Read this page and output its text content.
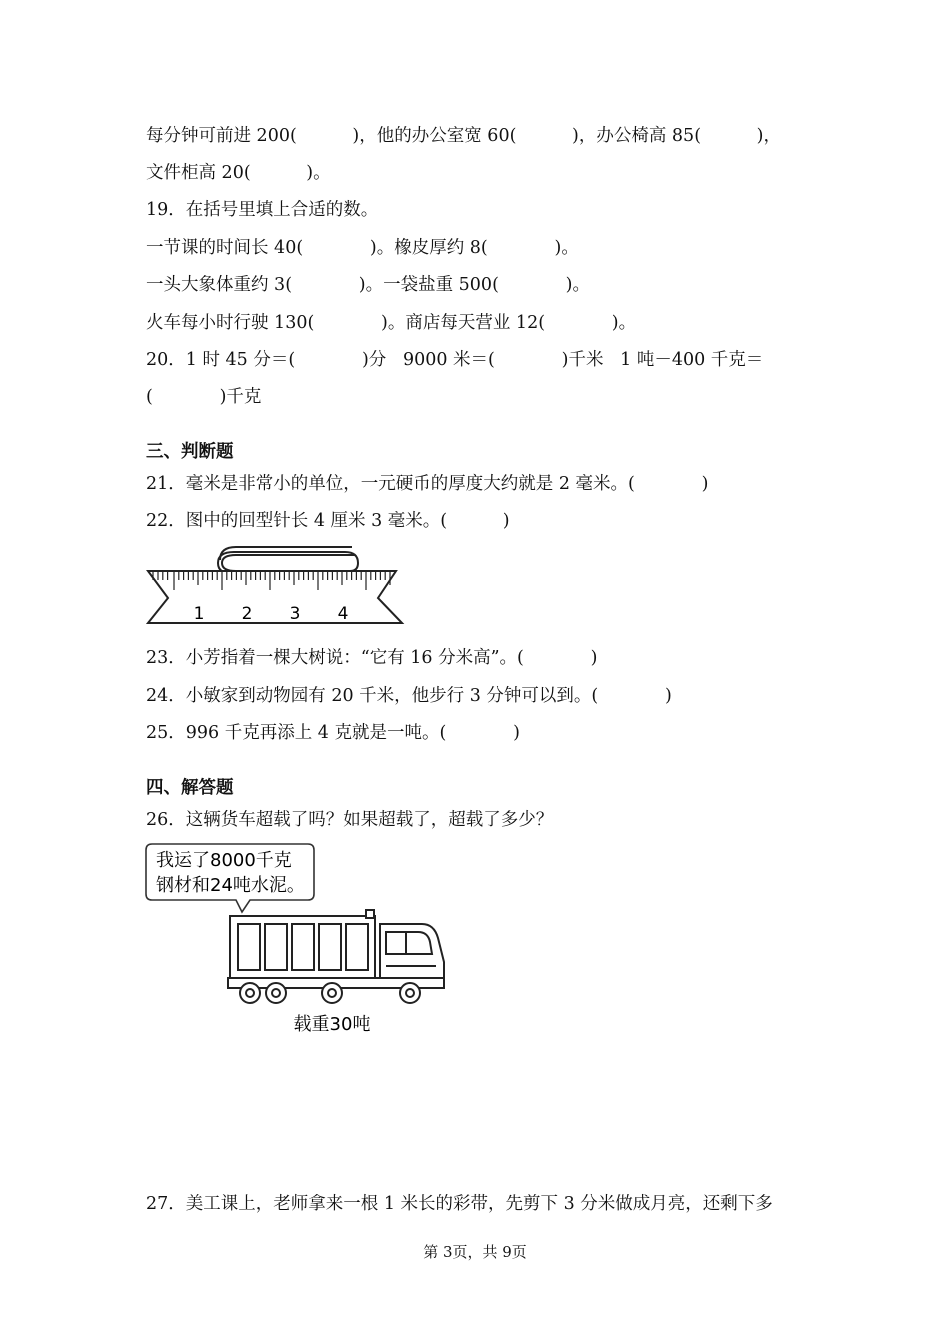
每分钟可前进 200(          )，他的办公室宽 60(          )，办公椅高 85(          )，
文件柜高 20(          )。
19．在括号里填上合适的数。
一节课的时间长 40(            )。橡皮厚约 8(            )。
一头大象体重约 3(            )。一袋盐重 500(            )。
火车每小时行驶 130(            )。商店每天营业 12(            )。
20．1 时 45 分＝(            )分   9000 米＝(            )千米   1 吨－400 千克＝
(            )千克
三、判断题
21．毫米是非常小的单位，一元硬币的厚度大约就是 2 毫米。(            )
22．图中的回型针长 4 厘米 3 毫米。(          )
1 2 3 4
23．小芳指着一棵大树说：“它有 16 分米高”。(            )
24．小敏家到动物园有 20 千米，他步行 3 分钟可以到。(            )
25．996 千克再添上 4 克就是一吨。(            )
四、解答题
26．这辆货车超载了吗？如果超载了，超载了多少？
我运了8000千克
钢材和24吨水泥。
载重30吨
27．美工课上，老师拿来一根 1 米长的彩带，先剪下 3 分米做成月亮，还剩下多
第 3页，共 9页
